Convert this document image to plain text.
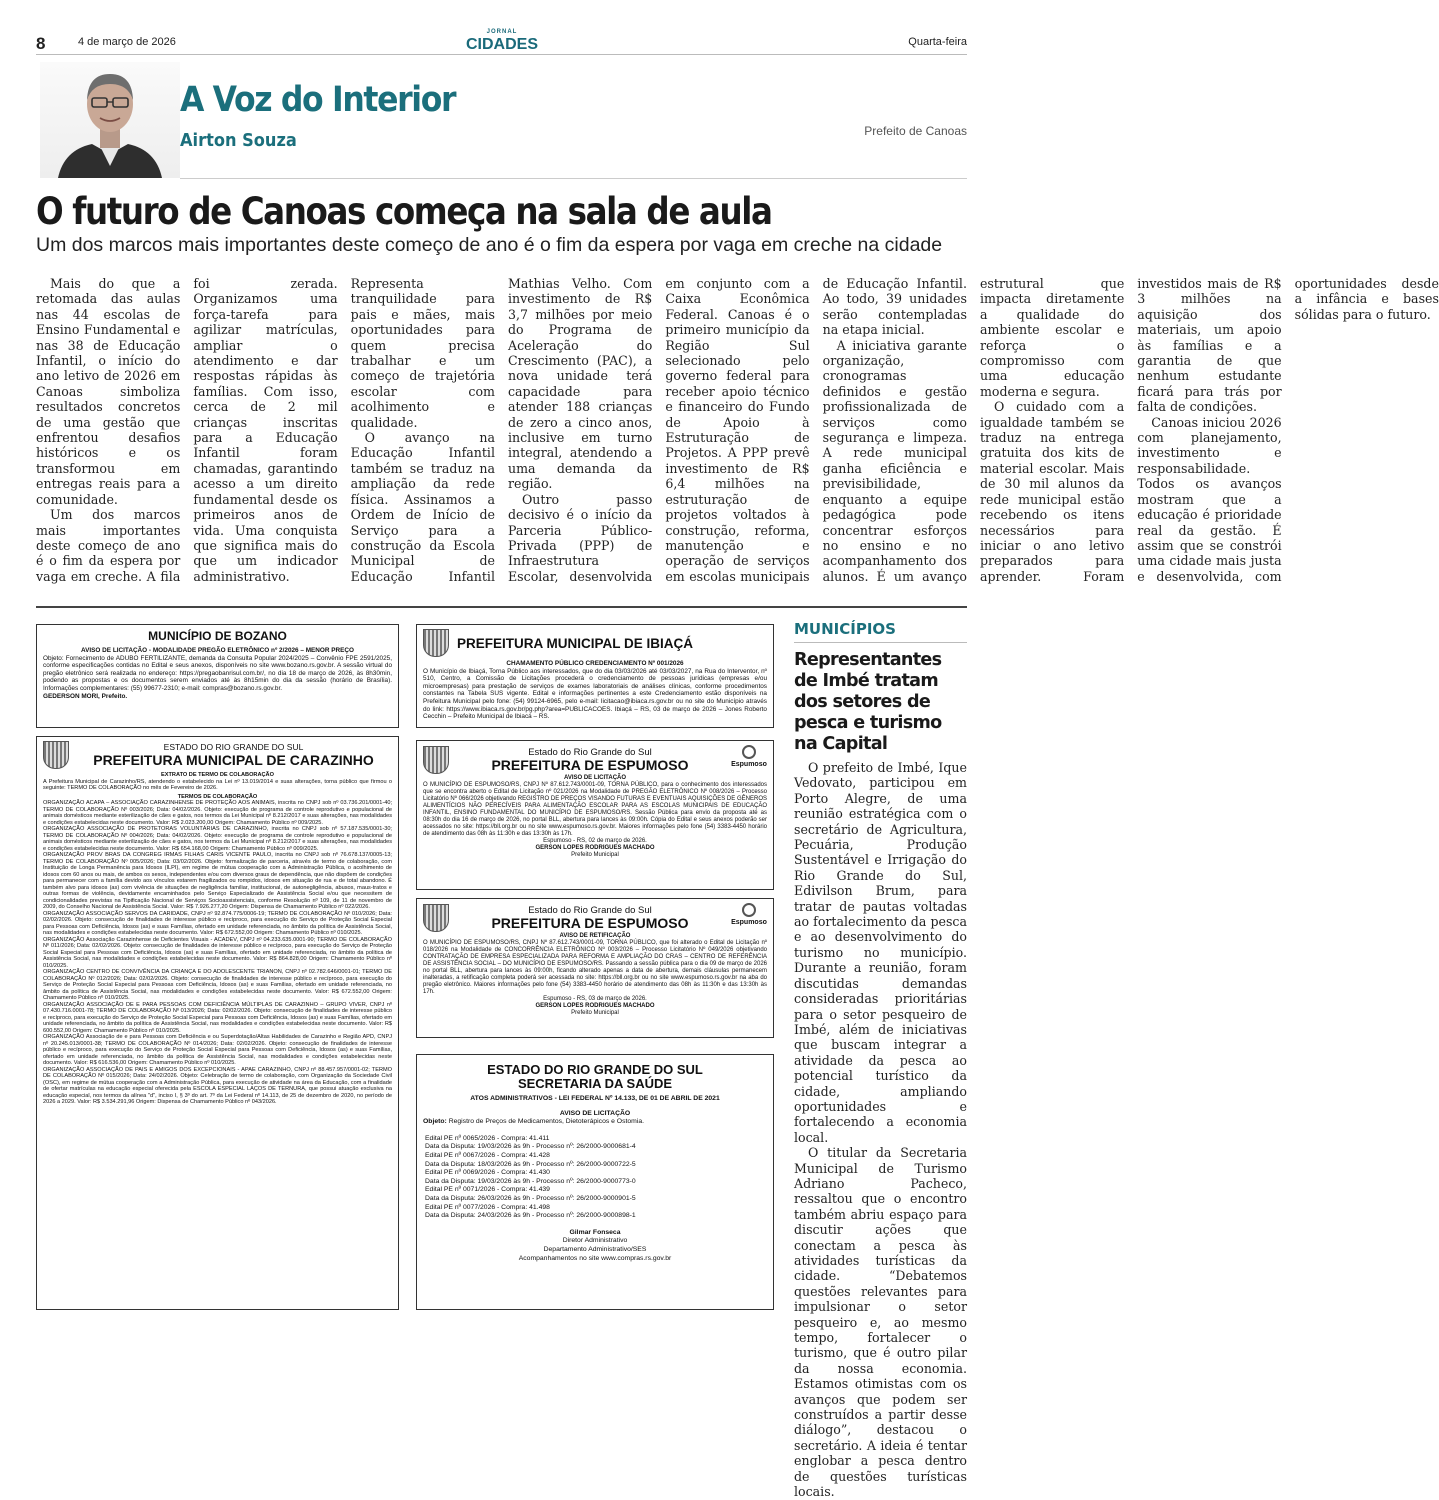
8	4 de março de 2026
JORNAL
CIDADES	Quarta-feira
A Voz do Interior
Airton Souza	Prefeito de Canoas
O futuro de Canoas começa na sala de aula
Um dos marcos mais importantes deste começo de ano é o fim da espera por vaga em creche na cidade

Mais do que a retomada das aulas nas 44 escolas de Ensino Fundamental e nas 38 de Educação Infantil, o início do ano letivo de 2026 em Canoas simboliza resultados concretos de uma gestão que enfrentou desafios históricos e os transformou em entregas reais para a comunidade.

Um dos marcos mais importantes deste começo de ano é o fim da espera por vaga em creche. A fila foi zerada. Organizamos uma força-tarefa para agilizar matrículas, ampliar o atendimento e dar respostas rápidas às famílias. Com isso, cerca de 2 mil crianças inscritas para a Educação Infantil foram chamadas, garantindo acesso a um direito fundamental desde os primeiros anos de vida. Uma conquista que significa mais do que um indicador administrativo. Representa tranquilidade para pais e mães, mais oportunidades para quem precisa trabalhar e um começo de trajetória escolar com acolhimento e qualidade.

O avanço na Educação Infantil também se traduz na ampliação da rede física. Assinamos a Ordem de Início de Serviço para a construção da Escola Municipal de Educação Infantil Mathias Velho. Com investimento de R$ 3,7 milhões por meio do Programa de Aceleração do Crescimento (PAC), a nova unidade terá capacidade para atender 188 crianças de zero a cinco anos, inclusive em turno integral, atendendo a uma demanda da região.

Outro passo decisivo é o início da Parceria Público-Privada (PPP) de Infraestrutura Escolar, desenvolvida em conjunto com a Caixa Econômica Federal. Canoas é o primeiro município da Região Sul selecionado pelo governo federal para receber apoio técnico e financeiro do Fundo de Apoio à Estruturação de Projetos. A PPP prevê investimento de R$ 6,4 milhões na estruturação de projetos voltados à construção, reforma, manutenção e operação de serviços em escolas municipais de Educação Infantil. Ao todo, 39 unidades serão contempladas na etapa inicial.

A iniciativa garante organização, cronogramas definidos e gestão profissionalizada de serviços como segurança e limpeza. A rede municipal ganha eficiência e previsibilidade, enquanto a equipe pedagógica pode concentrar esforços no ensino e no acompanhamento dos alunos. É um avanço estrutural que impacta diretamente a qualidade do ambiente escolar e reforça o compromisso com uma educação moderna e segura.

O cuidado com a igualdade também se traduz na entrega gratuita dos kits de material escolar. Mais de 30 mil alunos da rede municipal estão recebendo os itens necessários para iniciar o ano letivo preparados para aprender. Foram investidos mais de R$ 3 milhões na aquisição dos materiais, um apoio às famílias e a garantia de que nenhum estudante ficará para trás por falta de condições.

Canoas iniciou 2026 com planejamento, investimento e responsabilidade. Todos os avanços mostram que a educação é prioridade real da gestão. É assim que se constrói uma cidade mais justa e desenvolvida, com oportunidades desde a infância e bases sólidas para o futuro.

MUNICÍPIO DE BOZANO
AVISO DE LICITAÇÃO - MODALIDADE PREGÃO ELETRÔNICO nº 2/2026 – MENOR PREÇO
Objeto: Fornecimento de ADUBO FERTILIZANTE, demanda da Consulta Popular 2024/2025 – Convênio FPE 2591/2025, conforme especificações contidas no Edital e seus anexos, disponíveis no site www.bozano.rs.gov.br. A sessão virtual do pregão eletrônico será realizada no endereço: https://pregaobanrisul.com.br/, no dia 18 de março de 2026, às 8h30min, podendo as propostas e os documentos serem enviados até às 8h15min do dia da sessão (horário de Brasília). Informações complementares: (55) 99677-2310; e-mail: compras@bozano.rs.gov.br.
GEDERSON MORI, Prefeito.
PREFEITURA MUNICIPAL DE IBIAÇÁ
CHAMAMENTO PÚBLICO CREDENCIAMENTO Nº 001/2026
O Município de Ibiaçá, Torna Público aos interessados, que do dia 03/03/2026 até 03/03/2027, na Rua do Interventor, nº 510, Centro, a Comissão de Licitações procederá o credenciamento de pessoas jurídicas (empresas e/ou microempresas) para prestação de serviços de exames laboratoriais de análises clínicas, conforme procedimentos constantes na Tabela SUS vigente. Edital e informações pertinentes a este Credenciamento estão disponíveis na Prefeitura Municipal pelo fone: (54) 99124-6965, pelo e-mail: licitacao@ibiaca.rs.gov.br ou no site do Município através do link: https://www.ibiaca.rs.gov.br/pg.php?area=PUBLICACOES. Ibiaçá – RS, 03 de março de 2026 – Jones Roberto Cecchin – Prefeito Municipal de Ibiacá – RS.
ESTADO DO RIO GRANDE DO SUL
PREFEITURA MUNICIPAL DE CARAZINHO
EXTRATO DE TERMO DE COLABORAÇÃO
A Prefeitura Municipal de Carazinho/RS, atendendo o estabelecido na Lei nº 13.019/2014 e suas alterações, torna público que firmou o seguinte: TERMO DE COLABORAÇÃO no mês de Fevereiro de 2026.
TERMOS DE COLABORAÇÃO
ORGANIZAÇÃO ACAPA – ASSOCIAÇÃO CARAZINHENSE DE PROTEÇÃO AOS ANIMAIS, inscrita no CNPJ sob nº 03.736.201/0001-40; TERMO DE COLABORAÇÃO Nº 003/2026; Data: 04/02/2026. Objeto: execução de programa de controle reprodutivo e populacional de animais domésticos mediante esterilização de cães e gatos, nos termos da Lei Municipal nº 8.212/2017 e suas alterações, nas modalidades e condições estabelecidas neste documento. Valor: R$ 2.023.200,00 Origem: Chamamento Público nº 009/2025.
ORGANIZAÇÃO ASSOCIAÇÃO DE PROTETORAS VOLUNTÁRIAS DE CARAZINHO, inscrita no CNPJ sob nº 57.187.535/0001-30; TERMO DE COLABORAÇÃO Nº 004/2026; Data: 04/02/2026. Objeto: execução de programa de controle reprodutivo e populacional de animais domésticos mediante esterilização de cães e gatos, nos termos da Lei Municipal nº 8.212/2017 e suas alterações, nas modalidades e condições estabelecidas neste documento. Valor: R$ 654.168,00 Origem: Chamamento Público nº 009/2025.
ORGANIZAÇÃO PROV BRAS DA CONGREG IRMAS FILHAS CARIS VICENTE PAULO, inscrita no CNPJ sob nº 76.678.137/0005-13; TERMO DE COLABORAÇÃO Nº 005/2026; Data: 03/02/2026. Objeto: formalização de parceria, através de termo de colaboração, com Instituição de Longa Permanência para Idosos (ILPI), em regime de mútua cooperação com a Administração Pública, o acolhimento de idosos com 60 anos ou mais, de ambos os sexos, independentes e/ou com diversos graus de dependência, que não dispõem de condições para permanecer com a família devido aos vínculos estarem fragilizados ou rompidos, idosos em situação de rua e de total abandono. É também alvo para idosos (as) com vivência de situações de negligência familiar, institucional, de autonegligência, abusos, maus-tratos e outras formas de violência, devidamente encaminhados pelo Serviço Especializado de Assistência Social e/ou que necessitem de condicionalidades previstas na Tipificação Nacional de Serviços Socioassistenciais, conforme Resolução nº 109, de 11 de novembro de 2009, do Conselho Nacional de Assistência Social. Valor: R$ 7.926.277,20 Origem: Dispensa de Chamamento Público nº 022/2026.
ORGANIZAÇÃO ASSOCIAÇÃO SERVOS DA CARIDADE, CNPJ nº 92.874.775/0006-19; TERMO DE COLABORAÇÃO Nº 010/2026; Data: 02/02/2026. Objeto: consecução de finalidades de interesse público e recíproco, para execução do Serviço de Proteção Social Especial para Pessoas com Deficiência, Idosos (as) e suas Famílias, ofertado em unidade referenciada, no âmbito da política de Assistência Social, nas modalidades e condições estabelecidas neste documento. Valor: R$ 672.552,00 Origem: Chamamento Público nº 010/2025.
ORGANIZAÇÃO Associação Carazinhense de Deficientes Visuais - ACADEV, CNPJ nº 04.233.635.0001-90; TERMO DE COLABORAÇÃO Nº 011/2026; Data: 02/02/2026. Objeto: consecução de finalidades de interesse público e recíproco, para execução do Serviço de Proteção Social Especial para Pessoas com Deficiência, Idosos (as) e suas Famílias, ofertado em unidade referenciada, no âmbito da política de Assistência Social, nas modalidades e condições estabelecidas neste documento. Valor: R$ 864.828,00 Origem: Chamamento Público nº 010/2025.
ORGANIZAÇÃO CENTRO DE CONVIVÊNCIA DA CRIANÇA E DO ADOLESCENTE TRIANON, CNPJ nº 02.782.646/0001-01; TERMO DE COLABORAÇÃO Nº 012/2026; Data: 02/02/2026. Objeto: consecução de finalidades de interesse público e recíproco, para execução do Serviço de Proteção Social Especial para Pessoas com Deficiência, Idosos (as) e suas Famílias, ofertado em unidade referenciada, no âmbito da política de Assistência Social, nas modalidades e condições estabelecidas neste documento. Valor: R$ 672.552,00 Origem: Chamamento Público nº 010/2025.
ORGANIZAÇÃO ASSOCIAÇÃO DE E PARA PESSOAS COM DEFICIÊNCIA MÚLTIPLAS DE CARAZINHO – GRUPO VIVER, CNPJ nº 07.430.716.0001-78; TERMO DE COLABORAÇÃO Nº 013/2026; Data: 02/02/2026. Objeto: consecução de finalidades de interesse público e recíproco, para execução do Serviço de Proteção Social Especial para Pessoas com Deficiência, Idosos (as) e suas Famílias, ofertado em unidade referenciada, no âmbito da política de Assistência Social, nas modalidades e condições estabelecidas neste documento. Valor: R$ 600.552,00 Origem: Chamamento Público nº 010/2025.
ORGANIZAÇÃO Associação de e para Pessoas com Deficiência e ou Superdotação/Altas Habilidades de Carazinho e Região APD, CNPJ nº 20.245.013/0001-38; TERMO DE COLABORAÇÃO Nº 014/2026; Data: 02/02/2026. Objeto: consecução de finalidades de interesse público e recíproco, para execução do Serviço de Proteção Social Especial para Pessoas com Deficiência, Idosos (as) e suas Famílias, ofertado em unidade referenciada, no âmbito da política de Assistência Social, nas modalidades e condições estabelecidas neste documento. Valor: R$ 616.536,00 Origem: Chamamento Público nº 010/2025.
ORGANIZAÇÃO ASSOCIAÇÃO DE PAIS E AMIGOS DOS EXCEPCIONAIS - APAE CARAZINHO, CNPJ nº 88.457.957/0001-02; TERMO DE COLABORAÇÃO Nº 015/2026; Data: 24/02/2026. Objeto: Celebração de termo de colaboração, com Organização da Sociedade Civil (OSC), em regime de mútua cooperação com a Administração Pública, para execução de atividade na área da Educação, com a finalidade de ofertar matrículas na educação especial oferecida pela ESCOLA ESPECIAL LAÇOS DE TERNURA, que possui atuação exclusiva na educação especial, nos termos da alínea "d", inciso I, § 3º do art. 7º da Lei Federal nº 14.113, de 25 de dezembro de 2020, no período de 2026 a 2029. Valor: R$ 3.534.291,96 Origem: Dispensa de Chamamento Público nº 043/2026.
Estado do Rio Grande do Sul
PREFEITURA DE ESPUMOSO	Espumoso
AVISO DE LICITAÇÃO
O MUNICÍPIO DE ESPUMOSO/RS, CNPJ Nº 87.612.743/0001-09, TORNA PÚBLICO, para o conhecimento dos interessados que se encontra aberto o Edital de Licitação nº 021/2026 na Modalidade de PREGÃO ELETRÔNICO Nº 008/2026 – Processo Licitatório Nº 066/2026 objetivando REGISTRO DE PREÇOS VISANDO FUTURAS E EVENTUAIS AQUISIÇÕES DE GÊNEROS ALIMENTÍCIOS NÃO PERECÍVEIS PARA ALIMENTAÇÃO ESCOLAR PARA AS ESCOLAS MUNICIPAIS DE EDUCAÇÃO INFANTIL, ENSINO FUNDAMENTAL DO MUNICÍPIO DE ESPUMOSO/RS. Sessão Pública para envio da proposta até as 08:30h do dia 16 de março de 2026, no portal BLL, abertura para lances às 09:00h. Cópia do Edital e seus anexos poderão ser acessados no site: https://bll.org.br ou no site www.espumoso.rs.gov.br. Maiores informações pelo fone (54) 3383-4450 horário de atendimento das 08h às 11:30h e das 13:30h às 17h.
Espumoso - RS, 02 de março de 2026.
GERSON LOPES RODRIGUES MACHADO
Prefeito Municipal
Estado do Rio Grande do Sul
PREFEITURA DE ESPUMOSO	Espumoso
AVISO DE RETIFICAÇÃO
O MUNICÍPIO DE ESPUMOSO/RS, CNPJ Nº 87.612.743/0001-09, TORNA PÚBLICO, que foi alterado o Edital de Licitação nº 018/2026 na Modalidade de CONCORRÊNCIA ELETRÔNICO Nº 003/2026 – Processo Licitatório Nº 049/2026 objetivando CONTRATAÇÃO DE EMPRESA ESPECIALIZADA PARA REFORMA E AMPLIAÇÃO DO CRAS – CENTRO DE REFERÊNCIA DE ASSISTÊNCIA SOCIAL – DO MUNICÍPIO DE ESPUMOSO/RS. Passando a sessão pública para o dia 09 de março de 2026 no portal BLL, abertura para lances às 09:00h, ficando alterado apenas a data de abertura, demais cláusulas permanecem inalteradas, a retificação completa poderá ser acessada no site: https://bll.org.br ou no site www.espumoso.rs.gov.br na aba do pregão eletrônico. Maiores informações pelo fone (54) 3383-4450 horário de atendimento das 08h às 11:30h e das 13:30h às 17h.
Espumoso - RS, 03 de março de 2026.
GERSON LOPES RODRIGUES MACHADO
Prefeito Municipal
ESTADO DO RIO GRANDE DO SUL
SECRETARIA DA SAÚDE
ATOS ADMINISTRATIVOS - LEI FEDERAL Nº 14.133, DE 01 DE ABRIL DE 2021
AVISO DE LICITAÇÃO
Objeto: Registro de Preços de Medicamentos, Dietoterápicos e Ostomia.
Edital PE nº 0065/2026 - Compra: 41.411
Data da Disputa: 19/03/2026 às 9h - Processo nº: 26/2000-9000681-4
Edital PE nº 0067/2026 - Compra: 41.428
Data da Disputa: 18/03/2026 às 9h - Processo nº: 26/2000-9000722-5
Edital PE nº 0069/2026 - Compra: 41.430
Data da Disputa: 19/03/2026 às 9h - Processo nº: 26/2000-9000773-0
Edital PE nº 0071/2026 - Compra: 41.439
Data da Disputa: 26/03/2026 às 9h - Processo nº: 26/2000-9000901-5
Edital PE nº 0077/2026 - Compra: 41.498
Data da Disputa: 24/03/2026 às 9h - Processo nº: 26/2000-9000898-1
Gilmar Fonseca
Diretor Administrativo
Departamento Administrativo/SES
Acompanhamentos no site www.compras.rs.gov.br
MUNICÍPIOS
Representantes de Imbé tratam dos setores de pesca e turismo na Capital

O prefeito de Imbé, Ique Vedovato, participou em Porto Alegre, de uma reunião estratégica com o secretário de Agricultura, Pecuária, Produção Sustentável e Irrigação do Rio Grande do Sul, Edivilson Brum, para tratar de pautas voltadas ao fortalecimento da pesca e ao desenvolvimento do turismo no município. Durante a reunião, foram discutidas demandas consideradas prioritárias para o setor pesqueiro de Imbé, além de iniciativas que buscam integrar a atividade da pesca ao potencial turístico da cidade, ampliando oportunidades e fortalecendo a economia local.

O titular da Secretaria Municipal de Turismo Adriano Pacheco, ressaltou que o encontro também abriu espaço para discutir ações que conectam a pesca às atividades turísticas da cidade. “Debatemos questões relevantes para impulsionar o setor pesqueiro e, ao mesmo tempo, fortalecer o turismo, que é outro pilar da nossa economia. Estamos otimistas com os avanços que podem ser construídos a partir desse diálogo”, destacou o secretário. A ideia é tentar englobar a pesca dentro de questões turísticas locais.
